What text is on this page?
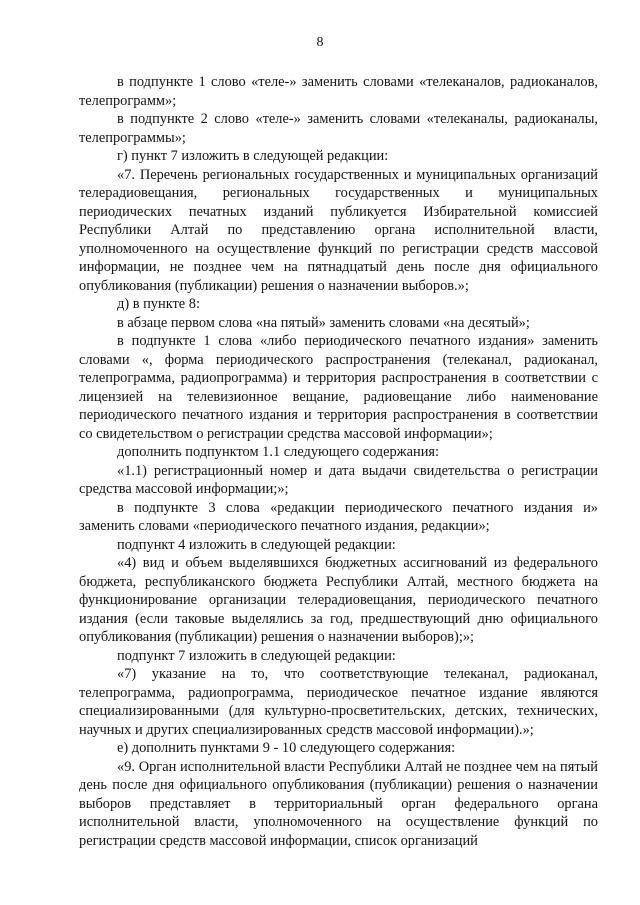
8

в подпункте 1 слово «теле-» заменить словами «телеканалов, радиоканалов, телепрограмм»;

в подпункте 2 слово «теле-» заменить словами «телеканалы, радиоканалы, телепрограммы»;

г) пункт 7 изложить в следующей редакции:

«7. Перечень региональных государственных и муниципальных организаций телерадиовещания, региональных государственных и муниципальных периодических печатных изданий публикуется Избирательной комиссией Республики Алтай по представлению органа исполнительной власти, уполномоченного на осуществление функций по регистрации средств массовой информации, не позднее чем на пятнадцатый день после дня официального опубликования (публикации) решения о назначении выборов.»;

д) в пункте 8:

в абзаце первом слова «на пятый» заменить словами «на десятый»;

в подпункте 1 слова «либо периодического печатного издания» заменить словами «, форма периодического распространения (телеканал, радиоканал, телепрограмма, радиопрограмма) и территория распространения в соответствии с лицензией на телевизионное вещание, радиовещание либо наименование периодического печатного издания и территория распространения в соответствии со свидетельством о регистрации средства массовой информации»;

дополнить подпунктом 1.1 следующего содержания:

«1.1) регистрационный номер и дата выдачи свидетельства о регистрации средства массовой информации;»;

в подпункте 3 слова «редакции периодического печатного издания и» заменить словами «периодического печатного издания, редакции»;

подпункт 4 изложить в следующей редакции:

«4) вид и объем выделявшихся бюджетных ассигнований из федерального бюджета, республиканского бюджета Республики Алтай, местного бюджета на функционирование организации телерадиовещания, периодического печатного издания (если таковые выделялись за год, предшествующий дню официального опубликования (публикации) решения о назначении выборов);»;

подпункт 7 изложить в следующей редакции:

«7) указание на то, что соответствующие телеканал, радиоканал, телепрограмма, радиопрограмма, периодическое печатное издание являются специализированными (для культурно-просветительских, детских, технических, научных и других специализированных средств массовой информации).»;

е) дополнить пунктами 9 - 10 следующего содержания:

«9. Орган исполнительной власти Республики Алтай не позднее чем на пятый день после дня официального опубликования (публикации) решения о назначении выборов представляет в территориальный орган федерального органа исполнительной власти, уполномоченного на осуществление функций по регистрации средств массовой информации, список организаций
